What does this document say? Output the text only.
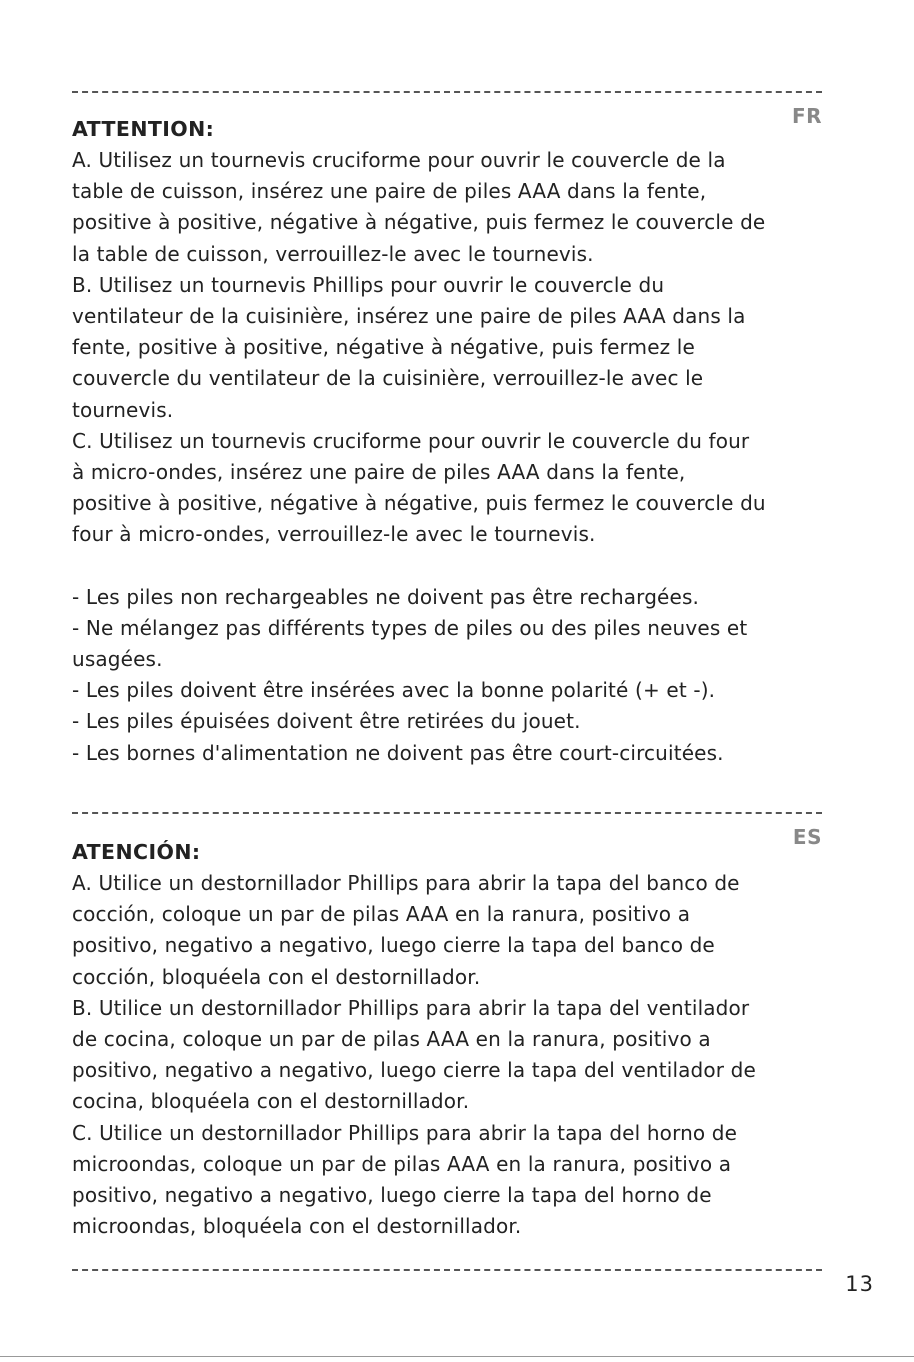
FR

ATTENTION:

A. Utilisez un tournevis cruciforme pour ouvrir le couvercle de la

table de cuisson, insérez une paire de piles AAA dans la fente,

positive à positive, négative à négative, puis fermez le couvercle de

la table de cuisson, verrouillez-le avec le tournevis.

B. Utilisez un tournevis Phillips pour ouvrir le couvercle du

ventilateur de la cuisinière, insérez une paire de piles AAA dans la

fente, positive à positive, négative à négative, puis fermez le

couvercle du ventilateur de la cuisinière, verrouillez-le avec le

tournevis.

C. Utilisez un tournevis cruciforme pour ouvrir le couvercle du four

à micro-ondes, insérez une paire de piles AAA dans la fente,

positive à positive, négative à négative, puis fermez le couvercle du

four à micro-ondes, verrouillez-le avec le tournevis.

- Les piles non rechargeables ne doivent pas être rechargées.

- Ne mélangez pas différents types de piles ou des piles neuves et

usagées.

- Les piles doivent être insérées avec la bonne polarité (+ et -).

- Les piles épuisées doivent être retirées du jouet.

- Les bornes d'alimentation ne doivent pas être court-circuitées.

ES

ATENCIÓN:

A. Utilice un destornillador Phillips para abrir la tapa del banco de

cocción, coloque un par de pilas AAA en la ranura, positivo a

positivo, negativo a negativo, luego cierre la tapa del banco de

cocción, bloquéela con el destornillador.

B. Utilice un destornillador Phillips para abrir la tapa del ventilador

de cocina, coloque un par de pilas AAA en la ranura, positivo a

positivo, negativo a negativo, luego cierre la tapa del ventilador de

cocina, bloquéela con el destornillador.

C. Utilice un destornillador Phillips para abrir la tapa del horno de

microondas, coloque un par de pilas AAA en la ranura, positivo a

positivo, negativo a negativo, luego cierre la tapa del horno de

microondas, bloquéela con el destornillador.

13
